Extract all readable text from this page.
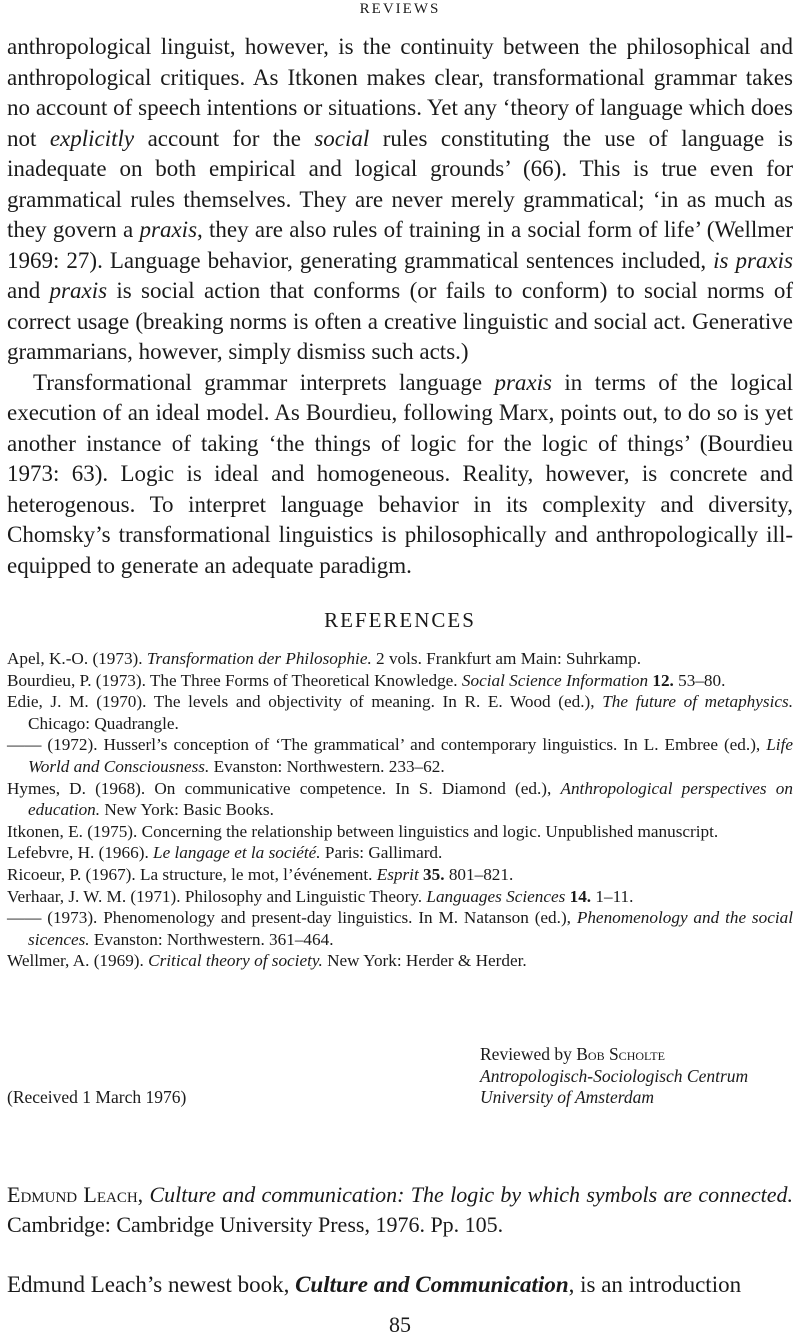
REVIEWS

anthropological linguist, however, is the continuity between the philosophical and anthropological critiques. As Itkonen makes clear, transformational grammar takes no account of speech intentions or situations. Yet any ‘theory of language which does not explicitly account for the social rules constituting the use of language is inadequate on both empirical and logical grounds’ (66). This is true even for grammatical rules themselves. They are never merely grammatical; ‘in as much as they govern a praxis, they are also rules of training in a social form of life’ (Wellmer 1969: 27). Language behavior, generating grammatical sentences included, is praxis and praxis is social action that conforms (or fails to conform) to social norms of correct usage (breaking norms is often a creative linguistic and social act. Generative grammarians, however, simply dismiss such acts.)

Transformational grammar interprets language praxis in terms of the logical execution of an ideal model. As Bourdieu, following Marx, points out, to do so is yet another instance of taking ‘the things of logic for the logic of things’ (Bourdieu 1973: 63). Logic is ideal and homogeneous. Reality, however, is concrete and heterogenous. To interpret language behavior in its complexity and diversity, Chomsky’s transformational linguistics is philosophically and anthropologically ill-equipped to generate an adequate paradigm.

REFERENCES
Apel, K.-O. (1973). Transformation der Philosophie. 2 vols. Frankfurt am Main: Suhrkamp.
Bourdieu, P. (1973). The Three Forms of Theoretical Knowledge. Social Science Information 12. 53–80.
Edie, J. M. (1970). The levels and objectivity of meaning. In R. E. Wood (ed.), The future of metaphysics. Chicago: Quadrangle.
—— (1972). Husserl’s conception of ‘The grammatical’ and contemporary linguistics. In L. Embree (ed.), Life World and Consciousness. Evanston: Northwestern. 233–62.
Hymes, D. (1968). On communicative competence. In S. Diamond (ed.), Anthropological perspectives on education. New York: Basic Books.
Itkonen, E. (1975). Concerning the relationship between linguistics and logic. Unpublished manuscript.
Lefebvre, H. (1966). Le langage et la société. Paris: Gallimard.
Ricoeur, P. (1967). La structure, le mot, l’événement. Esprit 35. 801–821.
Verhaar, J. W. M. (1971). Philosophy and Linguistic Theory. Languages Sciences 14. 1–11.
—— (1973). Phenomenology and present-day linguistics. In M. Natanson (ed.), Phenomenology and the social sicences. Evanston: Northwestern. 361–464.
Wellmer, A. (1969). Critical theory of society. New York: Herder & Herder.
Reviewed by Bob Scholte
Antropologisch-Sociologisch Centrum
University of Amsterdam
(Received 1 March 1976)
Edmund Leach, Culture and communication: The logic by which symbols are connected. Cambridge: Cambridge University Press, 1976. Pp. 105.
Edmund Leach’s newest book, Culture and Communication, is an introduction
85
